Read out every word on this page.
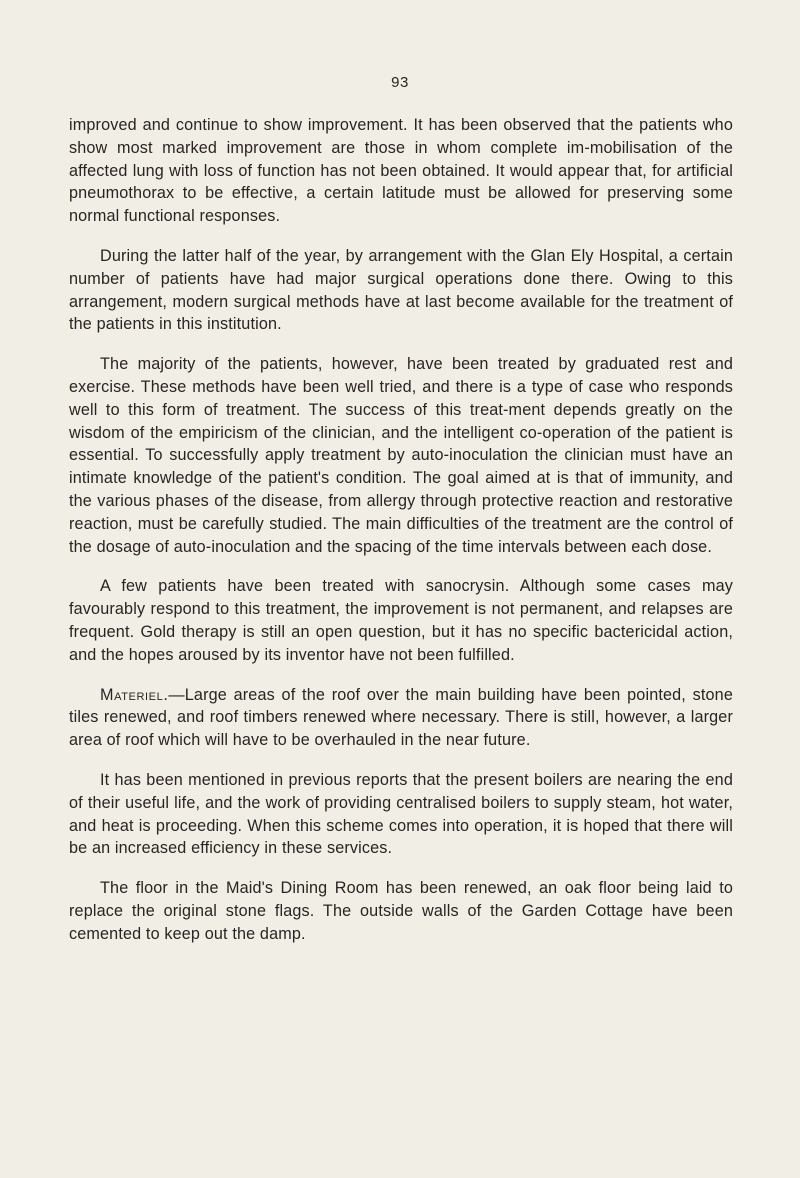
93

improved and continue to show improvement. It has been observed that the patients who show most marked improvement are those in whom complete im-mobilisation of the affected lung with loss of function has not been obtained. It would appear that, for artificial pneumothorax to be effective, a certain latitude must be allowed for preserving some normal functional responses.

During the latter half of the year, by arrangement with the Glan Ely Hospital, a certain number of patients have had major surgical operations done there. Owing to this arrangement, modern surgical methods have at last become available for the treatment of the patients in this institution.

The majority of the patients, however, have been treated by graduated rest and exercise. These methods have been well tried, and there is a type of case who responds well to this form of treatment. The success of this treat-ment depends greatly on the wisdom of the empiricism of the clinician, and the intelligent co-operation of the patient is essential. To successfully apply treatment by auto-inoculation the clinician must have an intimate knowledge of the patient's condition. The goal aimed at is that of immunity, and the various phases of the disease, from allergy through protective reaction and restorative reaction, must be carefully studied. The main difficulties of the treatment are the control of the dosage of auto-inoculation and the spacing of the time intervals between each dose.

A few patients have been treated with sanocrysin. Although some cases may favourably respond to this treatment, the improvement is not permanent, and relapses are frequent. Gold therapy is still an open question, but it has no specific bactericidal action, and the hopes aroused by its inventor have not been fulfilled.

Materiel.—Large areas of the roof over the main building have been pointed, stone tiles renewed, and roof timbers renewed where necessary. There is still, however, a larger area of roof which will have to be overhauled in the near future.

It has been mentioned in previous reports that the present boilers are nearing the end of their useful life, and the work of providing centralised boilers to supply steam, hot water, and heat is proceeding. When this scheme comes into operation, it is hoped that there will be an increased efficiency in these services.

The floor in the Maid's Dining Room has been renewed, an oak floor being laid to replace the original stone flags. The outside walls of the Garden Cottage have been cemented to keep out the damp.
